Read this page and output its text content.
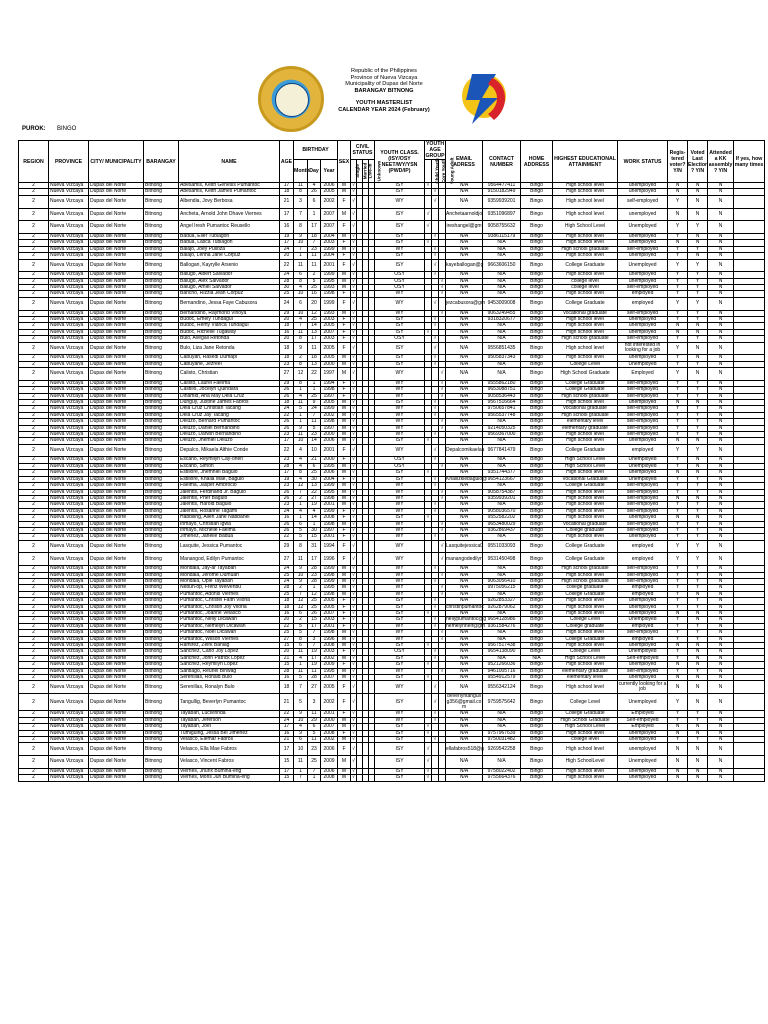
Republic of the Philippines
Province of Nueva Vizcaya
Municipality of Dupax del Norte
BARANGAY BITNONG
YOUTH MASTERLIST
CALENDAR YEAR 2024 (February)
PUROK: BINGO
REGION	PROVINCE	CITY/ MUNICIPALITY	BARANGAY	NAME	AGE	BIRTHDAY			SEX	CIVIL STATUS				YOUTH CLASS. (ISY/OSY NEET/WY/YSN (PWD/IP)	YOUTH AGE GROUP			EMAIL ADRESS	CONTACT NUMBER	HOME ADDRESS	HIGHEST EDUCATIONAL ATTAINMENT	WORK STATUS	Regis- tered voter? Y/N	Voted Last Election ? Y/N	Attended a KK assembly ? Y/N	If yes, how many times
										Single	Married	Live-in	Unknown		Child Youth	Core Youth	Young Adult									
						Month	Day	Year																		
2	Nueva Vizcaya	Dupax del Norte	Bitnong	Abesamis, Keith Genesis Pumantoc	17	11	4	2006	M	√				ISY	√			N/A	9564477411	Bingo	High school level	unemployed	N	N	N	
2	Nueva Vizcaya	Dupax del Norte	Bitnong	Abesamis, Keith James Pumantoc	18	8	26	2005	M	√				ISY		√		N/A	9150182949	Bingo	High school level	unemployed	N	N	N	
2	Nueva Vizcaya	Dupax del Norte	Bitnong	Albendia, Jovy Berbosa	21	3	6	2002	F	√				WY		√		N/A	9359939201	Bingo	High school level	self-employed	Y	N	N	
2	Nueva Vizcaya	Dupax del Norte	Bitnong	Ancheta, Arnold John Dhave Viernes	17	7	1	2007	M	√				ISY	√			Anchetaarnoldjo	9351096897	Bingo	High school level	unemployed	N	N	N	
2	Nueva Vizcaya	Dupax del Norte	Bitnong	Angel Iresh Pumantoc Reusello	16	8	17	2007	F	√				ISY	√			ireshangel@gm	9058755632	Bingo	High School Level	Unemployed	Y	Y	N	
2	Nueva Vizcaya	Dupax del Norte	Bitnong	Badua, Eller Tubiagon	19	9	18	2004	M	√				ISY		√		N/A	9386115179	Bingo	High school level	unemployed	Y	N	N	
2	Nueva Vizcaya	Dupax del Norte	Bitnong	Badua, Lasca Tubiagon	17	10	7	2003	F	√				ISY	√			N/A	N/A	Bingo	High school level	unemployed	N	N	N	
2	Nueva Vizcaya	Dupax del Norte	Bitnong	Balajo, Joey Pulloza	24	7	23	1999	M	√				WY		√		N/A	N/A	Bingo	High school graduate	self-employed	Y	Y	N	
2	Nueva Vizcaya	Dupax del Norte	Bitnong	Balajo, Lenna Jane Corpuz	20	1	11	2004	F	√				ISY		√		N/A	N/A	Bingo	High school level	unemployed	Y	N	N	
2	Nueva Vizcaya	Dupax del Norte	Bitnong	Ballogan, Kayrylle Arsenio	22	11	11	2001	F	√				ISY		√		kayeballogan@g	9663606150	Bingo	College Graduate	Unemployed	Y	Y	N	
2	Nueva Vizcaya	Dupax del Norte	Bitnong	Balugo, Albert Salvador	24	6	2	1999	M	√				OSY		√		N/A	N/A	Bingo	High school level	unemployed	Y	Y	N	
2	Nueva Vizcaya	Dupax del Norte	Bitnong	Balugo, Alex Salvador	28	8	5	1995	M	√				OSY			√	N/A	N/A	Bingo	college level	unemployed	Y	Y	N	
2	Nueva Vizcaya	Dupax del Norte	Bitnong	Balugo, Amiel Salvador	30	4	25	1993	M	√				OSY			√	N/A	N/A	Bingo	college level	self-employed	Y	Y	N	
2	Nueva Vizcaya	Dupax del Norte	Bitnong	Bancho, Rizzia Jean Corpuz	25	10	16	1998	F	√				WY			√	N/A	N/A	Bingo	High school level	employed	Y	Y	N	
2	Nueva Vizcaya	Dupax del Norte	Bitnong	Bernandino, Jessa Faye Cabusora	24	6	20	1999	F	√				WY		√		jezcabusora@gm	9453009008	Bingo	College Graduate	employed	Y	Y	N	
2	Nueva Vizcaya	Dupax del Norte	Bitnong	Bernandino, Raymond Vinoya	29	10	12	1993	M	√				WY			√	N/A	9063249455	Bingo	vocational graduate	self-employed	Y	Y	N	
2	Nueva Vizcaya	Dupax del Norte	Bitnong	Budoc, Emely Tundagui	20	4	25	2003	F	√				ISY		√		N/A	9318320677	Bingo	High school level	unemployed	Y	Y	N	
2	Nueva Vizcaya	Dupax del Norte	Bitnong	Budoc, Remy Vianca Tundagui	18	7	14	2005	F	√				ISY		√		N/A	N/A	Bingo	High school level	unemployed	N	N	N	
2	Nueva Vizcaya	Dupax del Norte	Bitnong	Budoc, Richelle Tugaway	16	11	13	2007	F	√				ISY	√			N/A	N/A	Bingo	High school level	unemployed	N	N	N	
2	Nueva Vizcaya	Dupax del Norte	Bitnong	Bulo, Avegail Retonda	20	8	17	2003	F	√				OSY		√		N/A	N/A	Bingo	High school graduate	self-employed	Y	Y	N	
2	Nueva Vizcaya	Dupax del Norte	Bitnong	Bulo, Liza Jane Retonda	18	9	11	2005	F	√				ISY		√		N/A	9556851435	Bingo	High school level	not interested in looking for a job	Y	N	N	
2	Nueva Vizcaya	Dupax del Norte	Bitnong	Cabuyan, Rasedi Dumapi	18	2	18	2005	M	√				ISY		√		N/A	9505837343	Bingo	High school level	unemployed	Y	N	N	
2	Nueva Vizcaya	Dupax del Norte	Bitnong	Cabuyane, Jezreel	23	8	13	2000	M	√				ISY		√		N/A	N/A	Bingo	College Level	Unemployed	Y	Y	N	
2	Nueva Vizcaya	Dupax del Norte	Bitnong	Calisto, Christian	27	12	22	1997	M	√				WY			√	N/A	N/A	Bingo	High School Graduate	Employed	Y	N	N	
2	Nueva Vizcaya	Dupax del Norte	Bitnong	Calisto, Laurel Faelma	29	8	1	1994	F	√				WY			√	N/A	9555862180	Bingo	College Graduate	self-employed	Y	Y	N	
2	Nueva Vizcaya	Dupax del Norte	Bitnong	Castillo, Jocelyn Quindara	26	1	1	1998	F	√				WY			√	N/A	9653088751	Bingo	College Graduate	self-employed	Y	Y	N	
2	Nueva Vizcaya	Dupax del Norte	Bitnong	Dinamid, Ana May Dela Cruz	26	4	25	1997	F	√				WY			√	N/A	9058536443	Bingo	High school graduate	self-employed	Y	Y	N	
2	Nueva Vizcaya	Dupax del Norte	Bitnong	Dunguy, Justine James Fabros	18	11	9	2005	M	√				ISY		√		N/A	9567516664	Bingo	High school level	unemployed	N	N	N	
2	Nueva Vizcaya	Dupax del Norte	Bitnong	Dela Cruz Christian Tacang	24	5	24	1999	M	√				WY		√		N/A	9750657841	Bingo	vocational graduate	self-employed	Y	Y	N	
2	Nueva Vizcaya	Dupax del Norte	Bitnong	Dela Cruz Jay Tacang	22	1	7	2002	M	√				WY		√		N/A	9565537748	Bingo	High school graduate	self-employed	Y	Y	N	
2	Nueva Vizcaya	Dupax del Norte	Bitnong	Deluzo, Bernard Pumantoc	26	1	11	1998	M	√				WY			√	N/A	N/A	Bingo	elementary level	self-employed	Y	Y	N	
2	Nueva Vizcaya	Dupax del Norte	Bitnong	Deluzo, Daniel Bernandino	26	9	5	1997	M	√				WY			√	N/A	9214050325	Bingo	elementary graduate	self-employed	Y	Y	N	
2	Nueva Vizcaya	Dupax del Norte	Bitnong	Deluzo, Darwin Bernandino	23	11	23	2000	M	√				WY		√		N/A	9569367000	Bingo	High school level	self-employed	Y	Y	N	
2	Nueva Vizcaya	Dupax del Norte	Bitnong	Deluzo, Jhemiel Deluzo	17	10	14	2006	M	√				ISY	√			N/A	N/A	Bingo	High school level	unemployed	N	N	N	
2	Nueva Vizcaya	Dupax del Norte	Bitnong	Depalco, Mikaela Althie Conde	22	4	10	2001	F	√				WY		√		Depalcomikaelaa	9677841479	Bingo	College Graduate	employed	Y	Y	N	
2	Nueva Vizcaya	Dupax del Norte	Bitnong	Escaño, Reymilyn Cay-ohen	23	4	21	2000	F	√				OSY		√		N/A	N/A	Bingo	High School Level	Unemployed	Y	N	N	
2	Nueva Vizcaya	Dupax del Norte	Bitnong	Escaño, Simon	28	4	6	1995	M	√				OSY			√	N/A	N/A	Bingo	High School Level	Unemployed	Y	N	N	
2	Nueva Vizcaya	Dupax del Norte	Bitnong	Estillore, Jhemniel Baguio	17	8	25	2006	M	√				ISY	√			N/A	9351744377	Bingo	High school level	unemployed	N	N	N	
2	Nueva Vizcaya	Dupax del Norte	Bitnong	Estillore, Khaila Mae, Baguio	19	4	30	2004	F	√				ISY		√		Khailizkiebaguio@	9654123667	Bingo	Vocational Graduate	Unemployed	Y	Y	N	
2	Nueva Vizcaya	Dupax del Norte	Bitnong	Faelma, Jasper Ambrocio	23	12	13	1999	M	√				WY		√		N/A	N/A	Bingo	College Graduate	self-employed	Y	Y	N	
2	Nueva Vizcaya	Dupax del Norte	Bitnong	Jalentis, Ferdinand Jr. Baguio	26	7	22	1995	M	√				WY			√	N/A	9058754387	Bingo	High school level	self-employed	Y	Y	N	
2	Nueva Vizcaya	Dupax del Norte	Bitnong	Jalentis, Pher Baguio	26	2	27	1998	M	√				WY			√	N/A	9359939201	Bingo	High school level	self-employed	N	N	N	
2	Nueva Vizcaya	Dupax del Norte	Bitnong	Jalentis, Harold Baguio	23	1	19	2001	M	√				WY		√		N/A	N/A	Bingo	High school level	self-employed	Y	Y	N	
2	Nueva Vizcaya	Dupax del Norte	Bitnong	Jalentis, Rosanne Tagami	24	4	4	1999	F	√				WY		√		N/A	9058036570	Bingo	High school level	self-employed	Y	Y	N	
2	Nueva Vizcaya	Dupax del Norte	Bitnong	Habbiling, Allen Jane Nabbanel	16	1	14	2008	F	√				ISY	√			N/A	9552582202	Bingo	High school level	unemployed	N	N	N	
2	Nueva Vizcaya	Dupax del Norte	Bitnong	Inmayo, Christian Igwa	26	6	1	1998	M	√				WY			√	N/A	9653480029	Bingo	vocational graduate	self-employed	Y	Y	N	
2	Nueva Vizcaya	Dupax del Norte	Bitnong	Inmayo, Michelle Faelma	26	5	30	1997	F	√				WY			√	N/A	9362869437	Bingo	College graduate	self-employed	Y	Y	N	
2	Nueva Vizcaya	Dupax del Norte	Bitnong	Jimenez, Janelle Badua	22	5	15	2001	F	√				WY		√		N/A	N/A	Bingo	High school level	unemployed	Y	Y	N	
2	Nueva Vizcaya	Dupax del Norte	Bitnong	Lasquite, Jessica Pumantoc	29	8	31	1994	F	√				WY			√	Lasquitejessica0	9551033093	Bingo	College Graduate	employed	Y	Y	N	
2	Nueva Vizcaya	Dupax del Norte	Bitnong	Manangod, Edilyn Pumantoc	27	11	17	1996	F	√				WY			√	manangodedilyn	9531450498	Bingo	College Graduate	employed	Y	Y	N	
2	Nueva Vizcaya	Dupax del Norte	Bitnong	Mondala, Jay-ar Tayaban	24	9	28	1999	M	√				WY		√		N/A	N/A	Bingo	High school graduate	self-employed	Y	Y	N	
2	Nueva Vizcaya	Dupax del Norte	Bitnong	Mondala, Jerome Dumuan	25	10	23	1998	M	√				WY			√	N/A	N/A	Bingo	High school level	self-employed	Y	Y	N	
2	Nueva Vizcaya	Dupax del Norte	Bitnong	Mondala, Opie Tayaban	24	9	28	1999	M	√				WY		√		N/A	9063056410	Bingo	High school graduate	self-employed	Y	Y	N	
2	Nueva Vizcaya	Dupax del Norte	Bitnong	Nebun-op, Frenz Welvenbu	28	2	1	1995	M	√				WY			√	N/A	9975056215	Bingo	college graduate	employed	Y	Y	N	
2	Nueva Vizcaya	Dupax del Norte	Bitnong	Pumantoc, Adonis Viernes	25	7	12	1998	M	√				WY			√	N/A	N/A	Bingo	College Graduate	employed	Y	N	N	
2	Nueva Vizcaya	Dupax del Norte	Bitnong	Pumantoc, Christel Faith Viloria	18	12	25	2005	F	√				ISY		√		N/A	9262853327	Bingo	High school level	unemployed	Y	Y	N	
2	Nueva Vizcaya	Dupax del Norte	Bitnong	Pumantoc, Christin Joy Viloria	18	12	25	2005	F	√				ISY		√		christinpumantoc	9262879062	Bingo	High school level	unemployed	Y	Y	N	
2	Nueva Vizcaya	Dupax del Norte	Bitnong	Pumantoc, Joanne Velasco	16	6	26	2007	F	√				ISY	√			N/A	N/A	Bingo	High school level	unemployed	N	N	N	
2	Nueva Vizcaya	Dupax del Norte	Bitnong	Pumantoc, Nelly Dicawan	20	2	15	2003	F	√				ISY		√		nellypumantoc@g	9654128986	Bingo	College Level	Unemployed	Y	N	N	
2	Nueva Vizcaya	Dupax del Norte	Bitnong	Pumantoc, Nemelyn Dicawan	22	5	17	2001	F	√				WY		√		nemelynnelf@gm	9361584276	Bingo	College graduate	employed	Y	Y	N	
2	Nueva Vizcaya	Dupax del Norte	Bitnong	Pumantoc, Noel Dicawan	25	5	7	1998	M	√				WY			√	N/A	N/A	Bingo	High school level	self-employed	Y	Y	N	
2	Nueva Vizcaya	Dupax del Norte	Bitnong	Pumantoc, Wilson Viernes	27	8	3	1996	M	√				WY			√	N/A	N/A	Bingo	College Graduate	employed	Y	Y	N	
2	Nueva Vizcaya	Dupax del Norte	Bitnong	Ramirez, Zeirk Baniag	15	6	7	2008	M	√				ISY	√			N/A	9567517438	Bingo	High school level	unemployed	N	N	N	
2	Nueva Vizcaya	Dupax del Norte	Bitnong	Sanchez, Carlo Joy Lopez	20	11	19	2003	F	√				OSY		√		N/A	9654138090	Bingo	College Level	Unemployed	Y	N	N	
2	Nueva Vizcaya	Dupax del Norte	Bitnong	Sanchez, John Patrick Lopez	21	4	17	2002	M	√				ISY		√		N/A	N/A	N/A	High School Level	Self-employed	Y	N	N	
2	Nueva Vizcaya	Dupax del Norte	Bitnong	Sanchez, Reymilyn Lopez	15	1	19	2009	F	√				ISY	√			N/A	9521266036	Bingo	High school level	unemployed	N	N	N	
2	Nueva Vizcaya	Dupax del Norte	Bitnong	Santiago, Reuriel Binwag	28	11	11	1995	M	√				WY			√	N/A	9461005716	Bingo	elementary graduate	self-employed	Y	Y	N	
2	Nueva Vizcaya	Dupax del Norte	Bitnong	Serenillas, Ronald Bulo	16	5	28	2007	M	√				ISY	√			N/A	9554912579	Bingo	elementary level	unemployed	N	N	N	
2	Nueva Vizcaya	Dupax del Norte	Bitnong	Serenillas, Ronalyn Bulo	18	7	27	2005	F	√				WY		√		N/A	9556342124	Bingo	High school level	currently looking for a job	N	N	N	
2	Nueva Vizcaya	Dupax del Norte	Bitnong	Tangullig, Beverlyn Pumantoc	21	5	3	2002	F	√				ISY		√		beverlyntanguli g356@gmail.co m	9759575642	Bingo	College Level	Unemployed	Y	N	N	
2	Nueva Vizcaya	Dupax del Norte	Bitnong	Tayaban, Lucivinnda	22	9	11	2001	F	√				WY		√		N/A	N/A	Bingo	College Graduate	Employed	Y	Y	N	
2	Nueva Vizcaya	Dupax del Norte	Bitnong	Tayaban, Jeferson	24	10	29	2000	M	√				WY		√		N/A	N/A	Bingo	High School Graduate	Self-employed	Y	Y	N	
2	Nueva Vizcaya	Dupax del Norte	Bitnong	Tayaban, Joel	17	4	6	2007	M	√				ISY	√			N/A	N/A	Bingo	High School Level	Employed	N	N	N	
2	Nueva Vizcaya	Dupax del Norte	Bitnong	Tumiguing, Jessa Bel Jimenez	16	9	5	2008	F	√				ISY	√			N/A	9757967639	Bingo	High school level	unemployed	N	N	N	
2	Nueva Vizcaya	Dupax del Norte	Bitnong	Velasco, Elemar Fabros	21	6	11	2002	M	√				ISY		√		N/A	9750031482	Bingo	college level	unemployed	Y	Y	N	
2	Nueva Vizcaya	Dupax del Norte	Bitnong	Velasco, Ella Mae Fabros	17	10	23	2006	F	√				ISY	√			ellafabros518@g	9269542258	Bingo	High school level	unemployed	N	N	N	
2	Nueva Vizcaya	Dupax del Norte	Bitnong	Velasco, Vincent Fabros	15	11	25	2009	M	√				ISY	√			N/A	N/A	Bingo	High SchoolLevel	Unemployed	N	N	N	
2	Nueva Vizcaya	Dupax del Norte	Bitnong	Viernes, Jhurix Bumina-eng	17	1	7	2006	M	√				ISY	√			N/A	9758022402	Bingo	High school level	unemployed	N	N	N	
2	Nueva Vizcaya	Dupax del Norte	Bitnong	Viernes, Moris Jun Bumina-eng	15	7	1	2008	M	√				ISY	√			N/A	9755664376	Bingo	High school level	unemployed	N	N	N	
